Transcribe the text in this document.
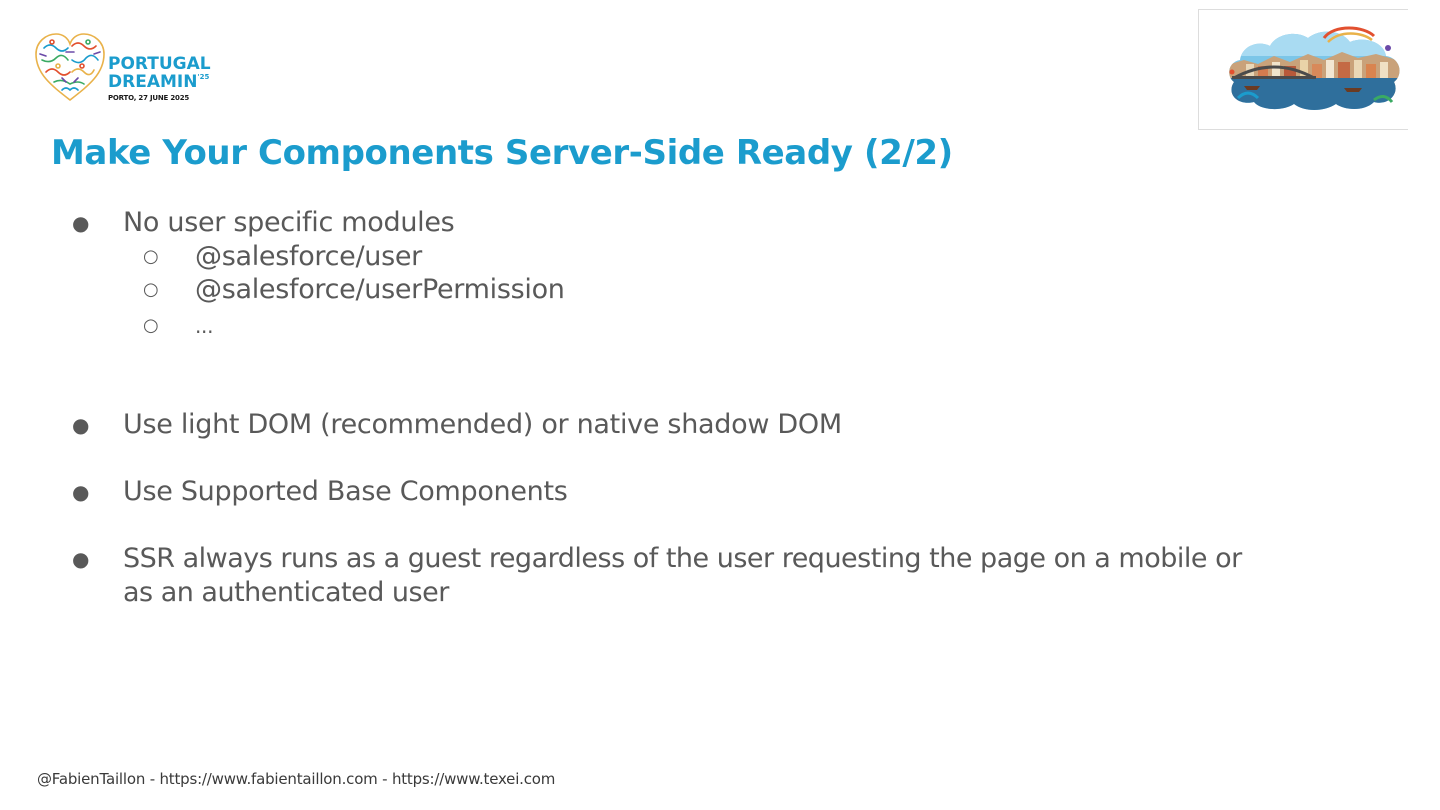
PORTUGAL
$DREAMIN^{'25}$
PORTO, 27 JUNE 2025
Make Your Components Server-Side Ready (2/2)
● No user specific modules
○ @salesforce/user
○ @salesforce/userPermission
○ ...
● Use light DOM (recommended) or native shadow DOM
● Use Supported Base Components
● SSR always runs as a guest regardless of the user requesting the page on a mobile or as an authenticated user
@FabienTaillon - https://www.fabientaillon.com - https://www.texei.com
